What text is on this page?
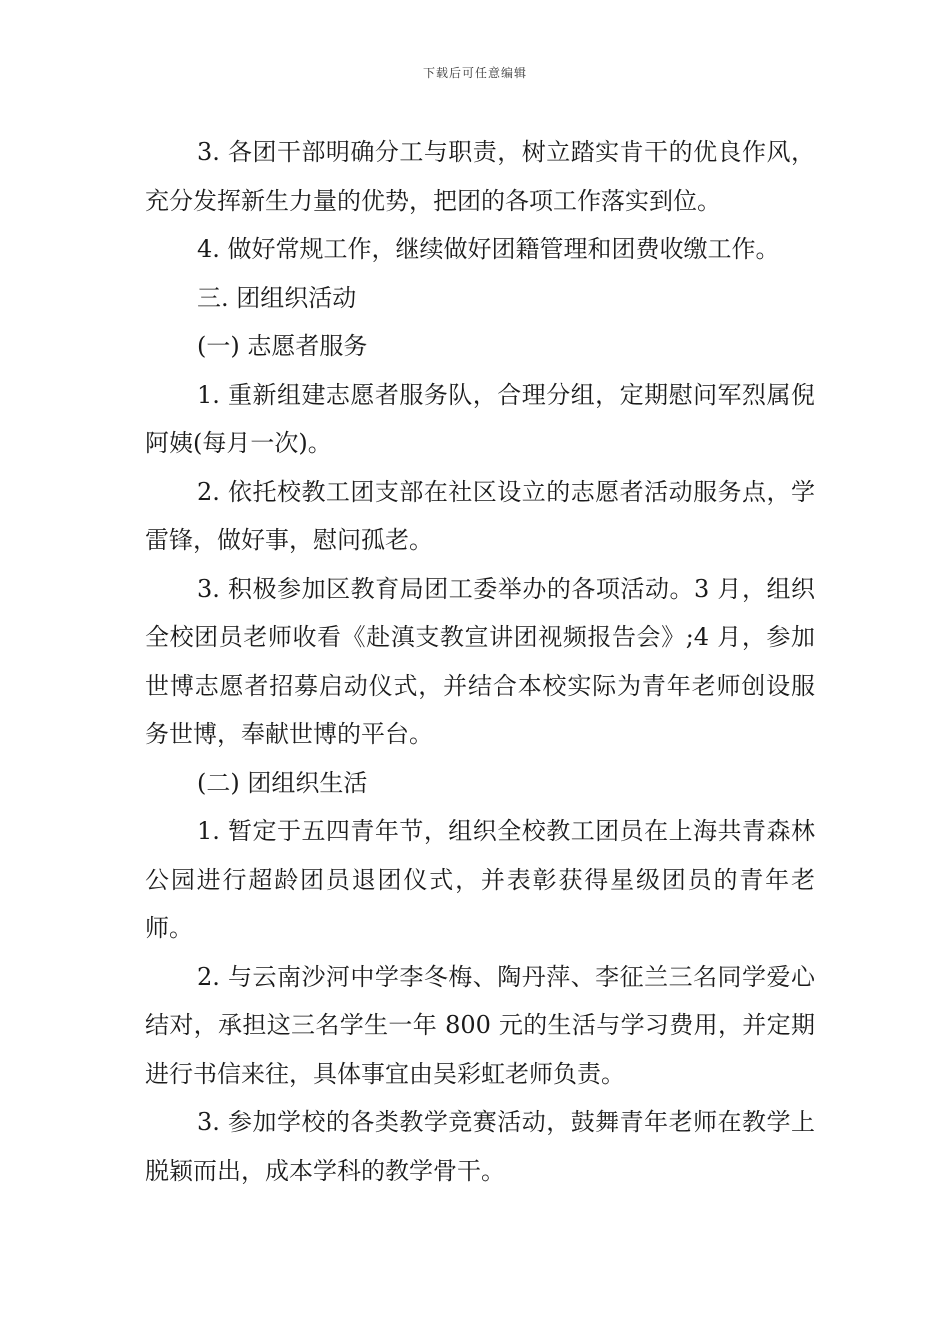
下载后可任意编辑

3. 各团干部明确分工与职责，树立踏实肯干的优良作风，充分发挥新生力量的优势，把团的各项工作落实到位。

4. 做好常规工作，继续做好团籍管理和团费收缴工作。

三. 团组织活动

(一) 志愿者服务

1. 重新组建志愿者服务队，合理分组，定期慰问军烈属倪阿姨(每月一次)。

2. 依托校教工团支部在社区设立的志愿者活动服务点，学雷锋，做好事，慰问孤老。

3. 积极参加区教育局团工委举办的各项活动。3 月，组织全校团员老师收看《赴滇支教宣讲团视频报告会》;4 月，参加世博志愿者招募启动仪式，并结合本校实际为青年老师创设服务世博，奉献世博的平台。

(二) 团组织生活

1. 暂定于五四青年节，组织全校教工团员在上海共青森林公园进行超龄团员退团仪式，并表彰获得星级团员的青年老师。

2. 与云南沙河中学李冬梅、陶丹萍、李征兰三名同学爱心结对，承担这三名学生一年 800 元的生活与学习费用，并定期进行书信来往，具体事宜由吴彩虹老师负责。

3. 参加学校的各类教学竞赛活动，鼓舞青年老师在教学上脱颖而出，成本学科的教学骨干。
